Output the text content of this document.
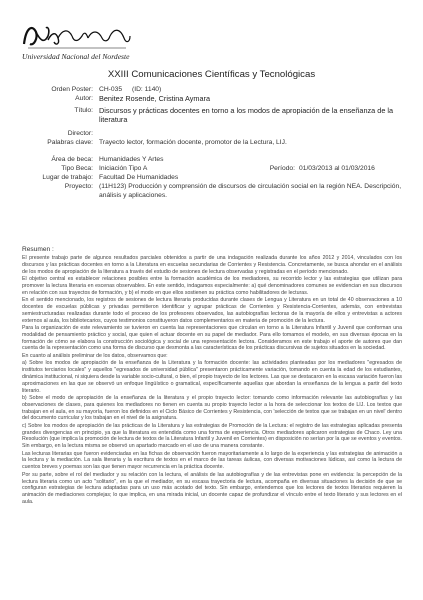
Universidad Nacional del Nordeste
XXIII Comunicaciones Científicas y Tecnológicas
Orden Poster: CH-035 (ID: 1140)
Autor: Benitez Rosende, Cristina Aymara
Título: Discursos y prácticas docentes en torno a los modos de apropiación de la enseñanza de la literatura
Director:
Palabras clave: Trayecto lector, formación docente, promotor de la Lectura, LIJ.
Área de beca: Humanidades Y Artes
Tipo Beca: Iniciación Tipo A	Período: 01/03/2013 al 01/03/2016
Lugar de trabajo: Facultad De Humanidades
Proyecto: (11H123) Producción y comprensión de discursos de circulación social en la región NEA. Descripción, análisis y aplicaciones.
Resumen :

El presente trabajo parte de algunos resultados parciales obtenidos a partir de una indagación realizada durante los años 2012 y 2014, vinculados con los discursos y las prácticas docentes en torno a la Literatura en escuelas secundarias de Corrientes y Resistencia. Concretamente, se busca ahondar en el análisis de los modos de apropiación de la literatura a través del estudio de sesiones de lectura observadas y registradas en el período mencionado.

El objetivo central es establecer relaciones posibles entre la formación académica de los mediadores, su recorrido lector y las estrategias que utilizan para promover la lectura literaria en escenas observables. En este sentido, indagamos especialmente: a) qué denominadores comunes se evidencian en sus discursos en relación con sus trayectos de formación, y b) el modo en que ellos sostienen su práctica como habilitadores de lecturas.

En el sentido mencionado, los registros de sesiones de lectura literaria producidas durante clases de Lengua y Literatura en un total de 40 observaciones a 10 docentes de escuelas públicas y privadas permitieron identificar y agrupar prácticas de Corrientes y Resistencia-Corrientes, además, con entrevistas semiestructuradas realizadas durante todo el proceso de los profesores observados, las autobiografías lectoras de la mayoría de ellos y entrevistas a actores externos al aula, los bibliotecarios, cuyos testimonios constituyeron datos complementarios en materia de promoción de la lectura.

Para la organización de este relevamiento se tuvieron en cuenta las representaciones que circulan en torno a la Literatura Infantil y Juvenil que conforman una modalidad de pensamiento práctico y social, que quien el actuar docente en su papel de mediador. Para ello tomamos el modelo, en sus diversas épocas en la formación de cómo se elabora la construcción sociológica y social de una representación lectora. Consideramos en este trabajo el aporte de autores que dan cuenta de la representación como una forma de discurso que desmonta a las características de los prácticas discursivas de sujetos situados en la sociedad.

En cuanto al análisis preliminar de los datos, observamos que:

a) Sobre los modos de apropiación de la enseñanza de la Literatura y la formación docente: las actividades planteadas por los mediadores "egresados de institutos terciarios locales" y aquellos "egresados de universidad pública" presentaron prácticamente variación, tomando en cuenta la edad de los estudiantes, dinámica institucional, ni siquiera desde la variable socio-cultural, o bien, el propio trayecto de los lectores. Las que se destacaron en la escasa variación fueron las aproximaciones en las que se observó un enfoque lingüístico o gramatical, específicamente aquellas que abordan la enseñanza de la lengua a partir del texto literario.

b) Sobre el modo de apropiación de la enseñanza de la literatura y el propio trayecto lector: tomando como información relevante las autobiografías y las observaciones de clases, para quienes los mediadores no tienen en cuenta su propio trayecto lector a la hora de seleccionar los textos de LIJ. Los textos que trabajan en el aula, en su mayoría, fueron los definidos en el Ciclo Básico de Corrientes y Resistencia, con 'selección de textos que se trabajan en un nivel' dentro del documento curricular y los trabajan en el nivel de la asignatura.

c) Sobre los modos de apropiación de las prácticas de la Literatura y las estrategias de Promoción de la Lectura: el registro de las estrategias aplicadas presenta grandes divergencias en principio, ya que la literatura es entendida como una forma de experiencia. Otros mediadores aplicaron estrategias de Chaco. Ley una Resolución (que implica la promoción de lectura de textos de la Literatura Infantil y Juvenil en Corrientes) en disposición no serían por la que se eventos y eventos. Sin embargo, en la lectura misma se observó un apartado marcado en el uso de una manera constante.

Las lecturas literarias que fueron evidenciadas en las fichas de observación fueron mayoritariamente a lo largo de la experiencia y las estrategias de animación a la lectura y la mediación. La sala literaria y la escritura de textos en el marco de las tareas áulicas, con diversas motivaciones lúdicas, así como la lectura de cuentos breves y poemas son las que tienen mayor recurrencia en la práctica docente.

Por su parte, sobre el rol del mediador y su relación con la lectura, el análisis de las autobiografías y de las entrevistas pone en evidencia: la percepción de la lectura literaria como un acto "solitario", en la que el mediador, en su escasa trayectoria de lectura, acompaña en diversas situaciones la decisión de que se configuran estrategias de lectura adaptadas para un uso más acotado del texto. Sin embargo, entendemos que los lectores de textos literarios requieren la animación de mediaciones complejas; lo que implica, en una mirada inicial, un docente capaz de profundizar el vínculo entre el texto literario y sus lectores en el aula.
